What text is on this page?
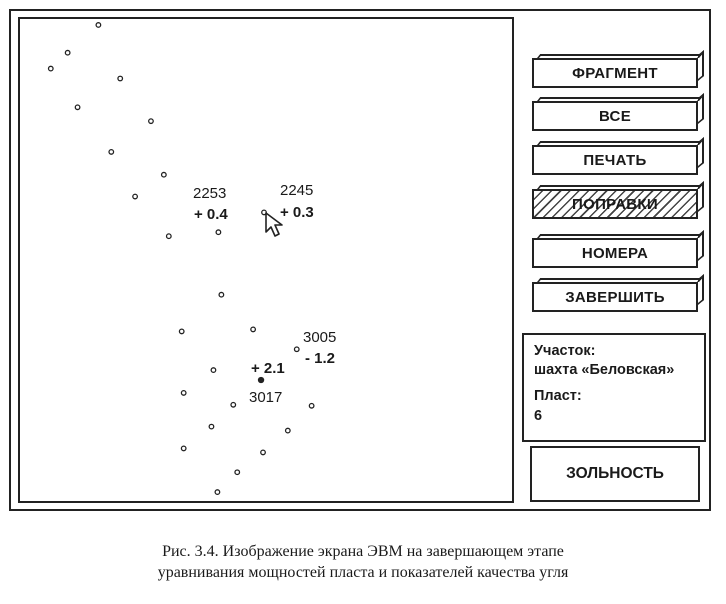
2253
+ 0.4
2245
+ 0.3
3005
- 1.2
+ 2.1
3017
ФРАГМЕНТ
ВСЕ
ПЕЧАТЬ
ПОПРАВКИ
НОМЕРА
ЗАВЕРШИТЬ
Участок:
шахта «Беловская»
Пласт:
6
ЗОЛЬНОСТЬ
Рис. 3.4. Изображение экрана ЭВМ на завершающем этапе
уравнивания мощностей пласта и показателей качества угля
